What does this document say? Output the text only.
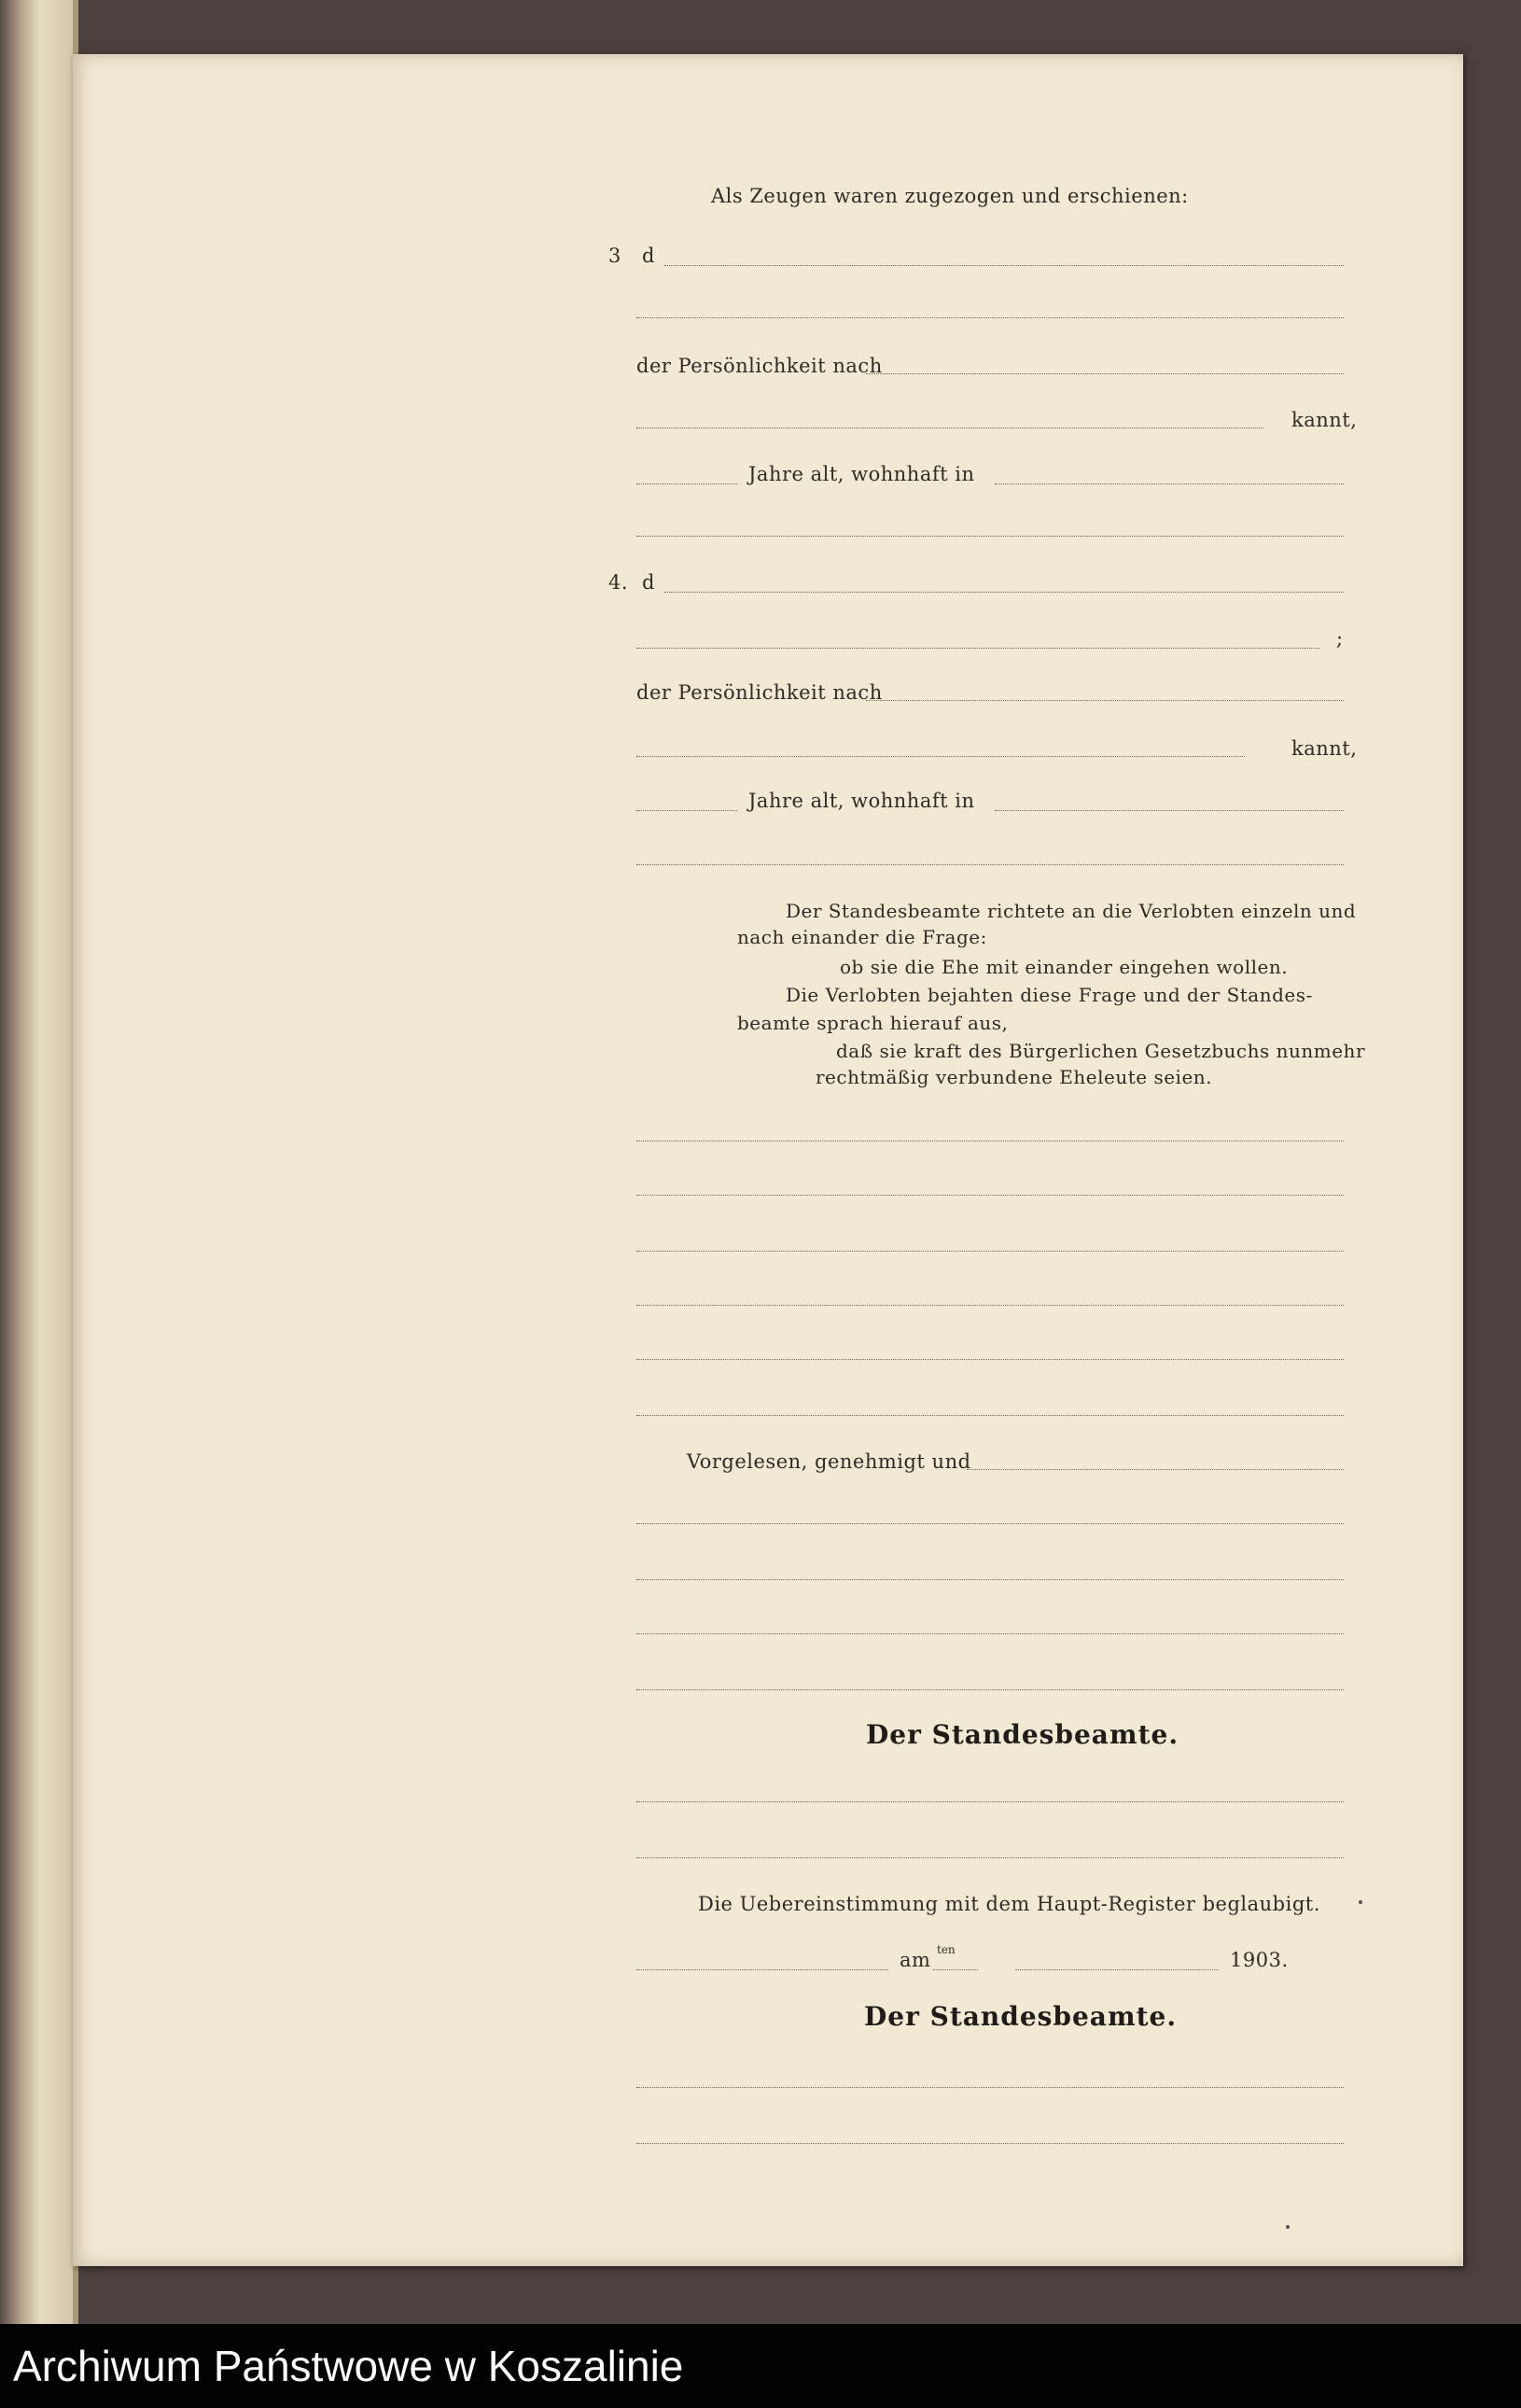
Als Zeugen waren zugezogen und erschienen:
3 d
der Persönlichkeit nach
kannt,
Jahre alt, wohnhaft in
4. d
;
der Persönlichkeit nach
kannt,
Jahre alt, wohnhaft in
Der Standesbeamte richtete an die Verlobten einzeln und
nach einander die Frage:
ob sie die Ehe mit einander eingehen wollen.
Die Verlobten bejahten diese Frage und der Standes-
beamte sprach hierauf aus,
daß sie kraft des Bürgerlichen Gesetzbuchs nunmehr
rechtmäßig verbundene Eheleute seien.
Vorgelesen, genehmigt und
Der Standesbeamte.
Die Uebereinstimmung mit dem Haupt-Register beglaubigt.
am ten	1903.
Der Standesbeamte.
Archiwum Państwowe w Koszalinie
